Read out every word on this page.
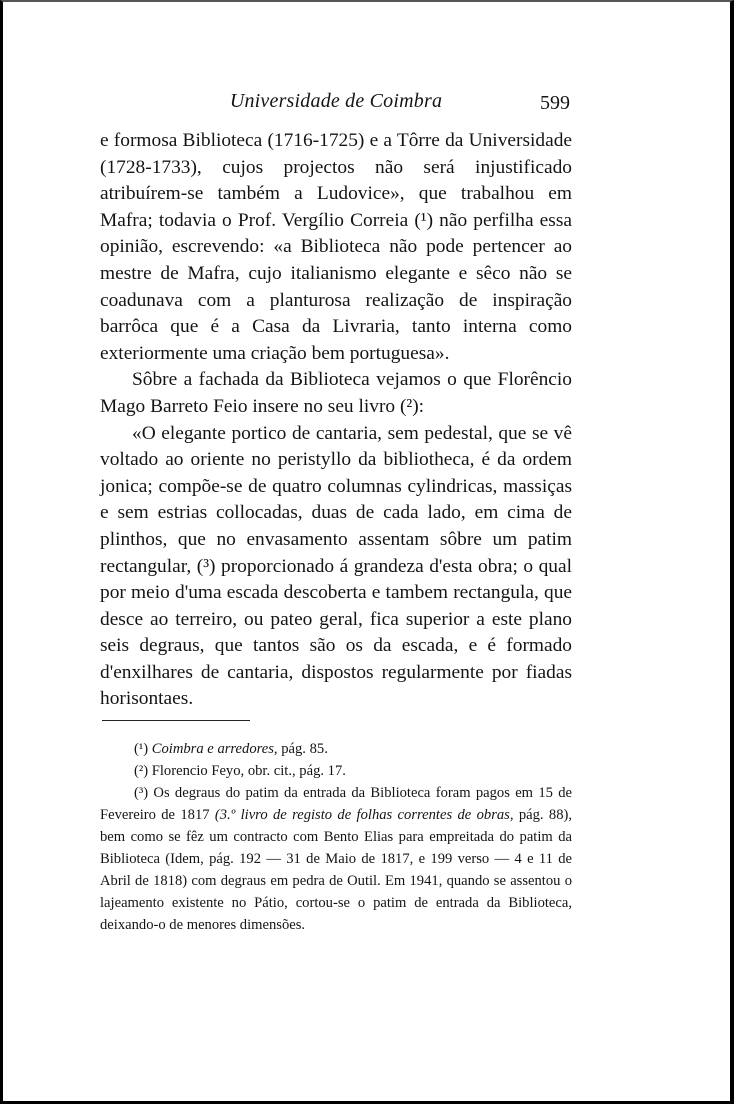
Universidade de Coimbra	599

e formosa Biblioteca (1716-1725) e a Tôrre da Universidade (1728-1733), cujos projectos não será injustificado atribuírem-se também a Ludovice», que trabalhou em Mafra; todavia o Prof. Vergílio Correia (¹) não perfilha essa opinião, escrevendo: «a Biblioteca não pode pertencer ao mestre de Mafra, cujo italianismo elegante e sêco não se coadunava com a planturosa realização de inspiração barrôca que é a Casa da Livraria, tanto interna como exteriormente uma criação bem portuguesa».

Sôbre a fachada da Biblioteca vejamos o que Florêncio Mago Barreto Feio insere no seu livro (²):

«O elegante portico de cantaria, sem pedestal, que se vê voltado ao oriente no peristyllo da bibliotheca, é da ordem jonica; compõe-se de quatro columnas cylindricas, massiças e sem estrias collocadas, duas de cada lado, em cima de plinthos, que no envasamento assentam sôbre um patim rectangular, (³) proporcionado á grandeza d'esta obra; o qual por meio d'uma escada descoberta e tambem rectangula, que desce ao terreiro, ou pateo geral, fica superior a este plano seis degraus, que tantos são os da escada, e é formado d'enxilhares de cantaria, dispostos regularmente por fiadas horisontaes.

(¹) Coimbra e arredores, pág. 85.

(²) Florencio Feyo, obr. cit., pág. 17.

(³) Os degraus do patim da entrada da Biblioteca foram pagos em 15 de Fevereiro de 1817 (3.º livro de registo de folhas correntes de obras, pág. 88), bem como se fêz um contracto com Bento Elias para empreitada do patim da Biblioteca (Idem, pág. 192 — 31 de Maio de 1817, e 199 verso — 4 e 11 de Abril de 1818) com degraus em pedra de Outil. Em 1941, quando se assentou o lajeamento existente no Pátio, cortou-se o patim de entrada da Biblioteca, deixando-o de menores dimensões.
